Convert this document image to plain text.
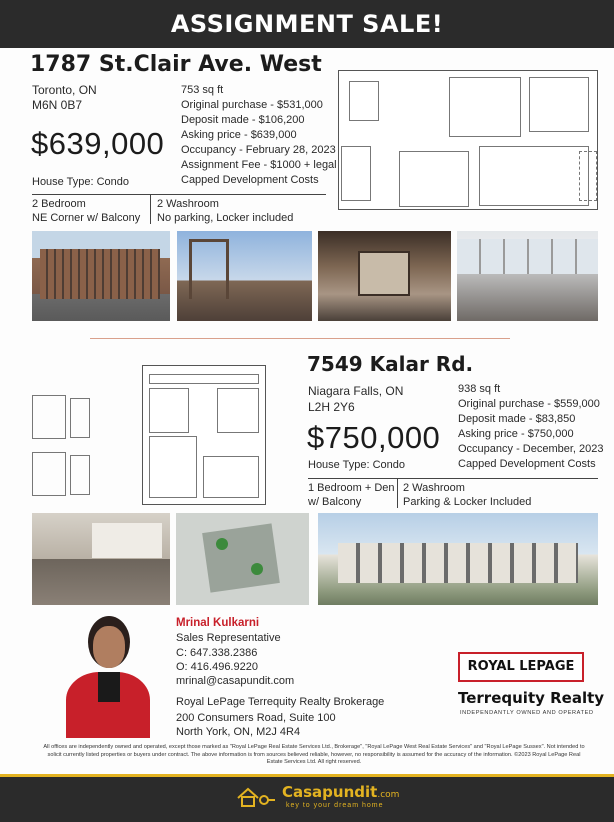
ASSIGNMENT SALE!
1787 St.Clair Ave. West
Toronto, ON
M6N 0B7
$639,000
House Type: Condo
753 sq ft
Original purchase - $531,000
Deposit made - $106,200
Asking price - $639,000
Occupancy - February 28, 2023
Assignment Fee - $1000 + legal
Capped Development Costs
2 Bedroom
NE Corner w/ Balcony
2 Washroom
No parking, Locker included
7549 Kalar Rd.
Niagara Falls, ON
L2H 2Y6
$750,000
House Type: Condo
938 sq ft
Original purchase - $559,000
Deposit made - $83,850
Asking price - $750,000
Occupancy - December, 2023
Capped Development Costs
1 Bedroom + Den
w/ Balcony
2 Washroom
Parking & Locker Included
Mrinal Kulkarni
Sales Representative
C: 647.338.2386
O: 416.496.9220
mrinal@casapundit.com
Royal LePage Terrequity Realty Brokerage
200 Consumers Road, Suite 100
North York, ON, M2J 4R4
ROYAL LEPAGE
Terrequity Realty
INDEPENDANTLY OWNED AND OPERATED
All offices are independently owned and operated, except those marked as "Royal LePage Real Estate Services Ltd., Brokerage", "Royal LePage West Real Estate Services" and "Royal LePage Sussex". Not intended to solicit currently listed properties or buyers under contract. The above information is from sources believed reliable, however, no responsibility is assumed for the accuracy of the information. ©2023 Royal LePage Real Estate Services Ltd. All right reserved.
Casapundit.com
key to your dream home
